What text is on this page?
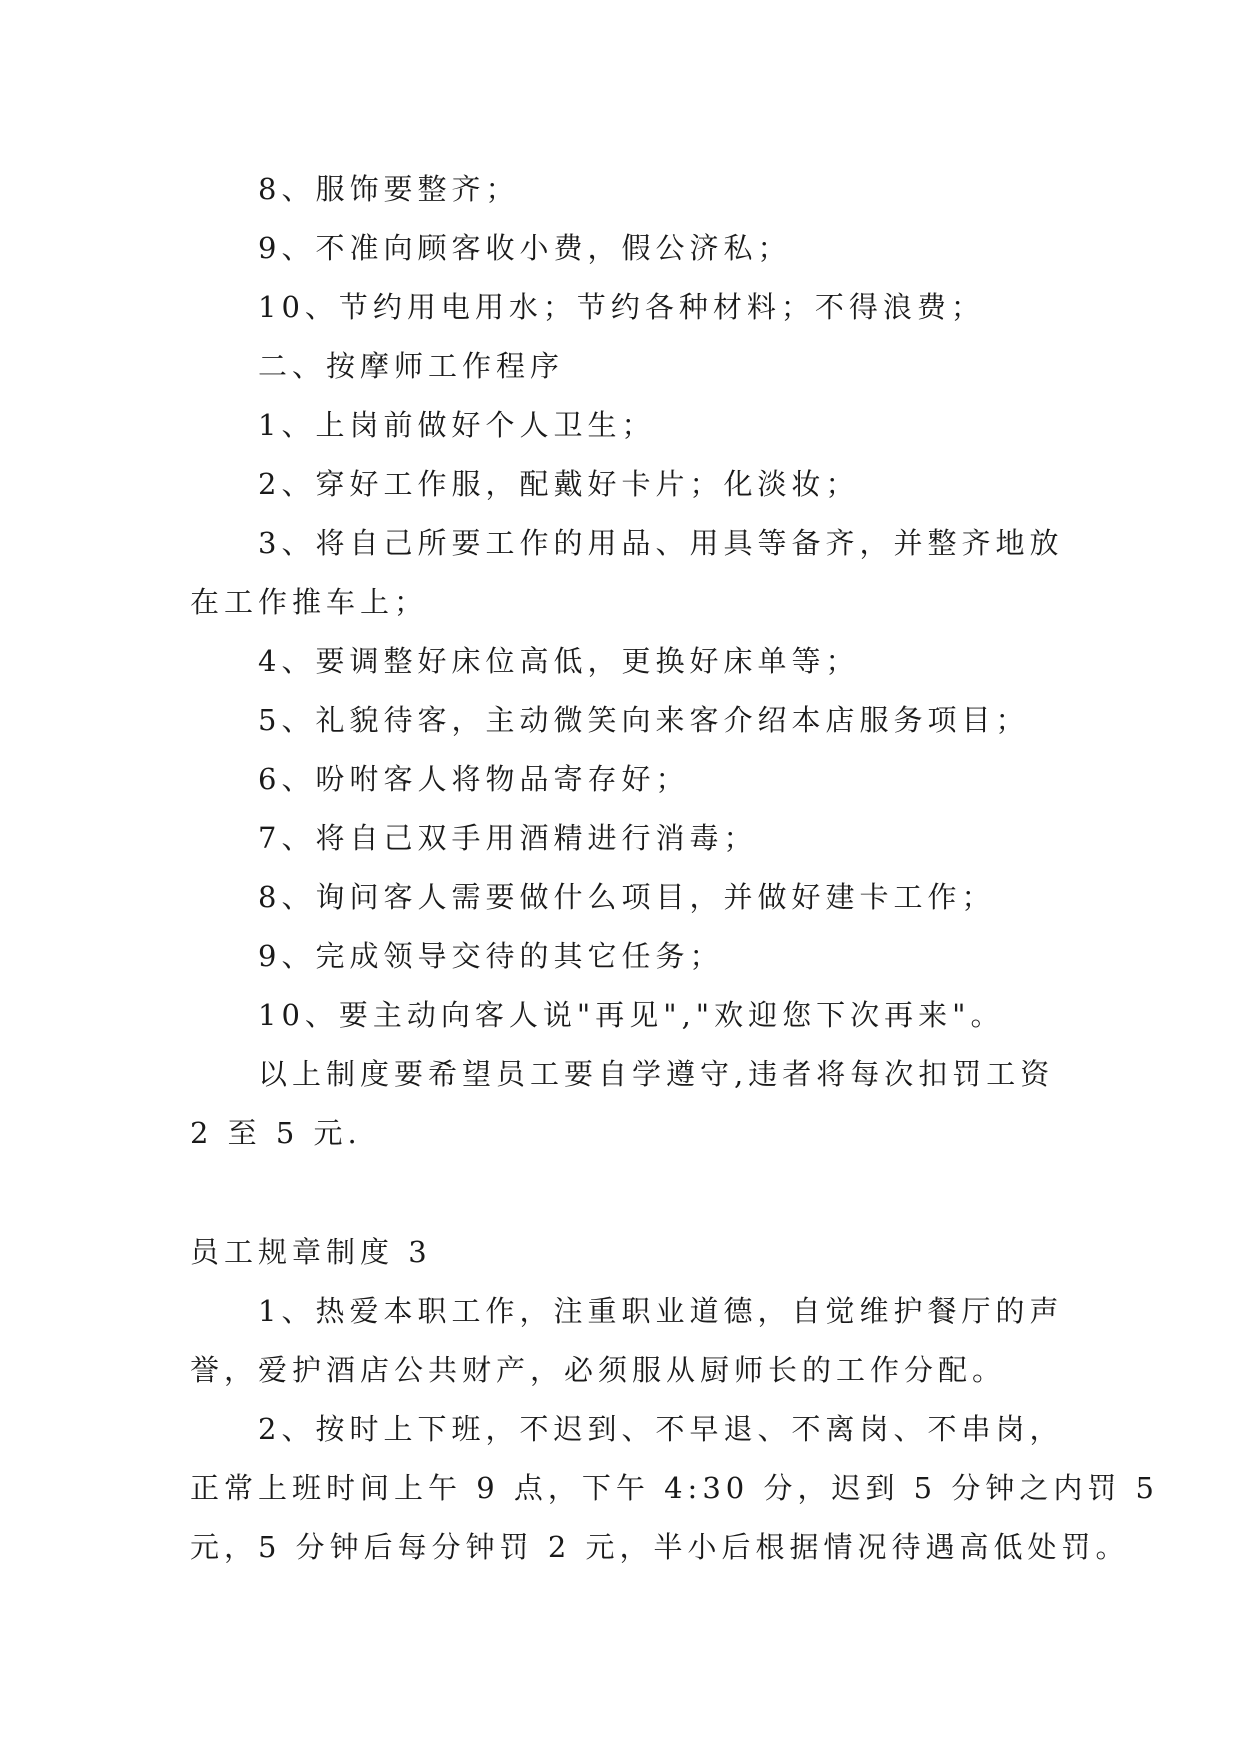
8、服饰要整齐；
9、不准向顾客收小费，假公济私；
10、节约用电用水；节约各种材料；不得浪费；
二、按摩师工作程序
1、上岗前做好个人卫生；
2、穿好工作服，配戴好卡片；化淡妆；
3、将自己所要工作的用品、用具等备齐，并整齐地放
在工作推车上；
4、要调整好床位高低，更换好床单等；
5、礼貌待客，主动微笑向来客介绍本店服务项目；
6、吩咐客人将物品寄存好；
7、将自己双手用酒精进行消毒；
8、询问客人需要做什么项目，并做好建卡工作；
9、完成领导交待的其它任务；
10、要主动向客人说"再见","欢迎您下次再来"。
以上制度要希望员工要自学遵守,违者将每次扣罚工资
2 至 5 元.
员工规章制度 3
1、热爱本职工作，注重职业道德，自觉维护餐厅的声
誉，爱护酒店公共财产，必须服从厨师长的工作分配。
2、按时上下班，不迟到、不早退、不离岗、不串岗，
正常上班时间上午 9 点，下午 4:30 分，迟到 5 分钟之内罚 5
元，5 分钟后每分钟罚 2 元，半小后根据情况待遇高低处罚。
